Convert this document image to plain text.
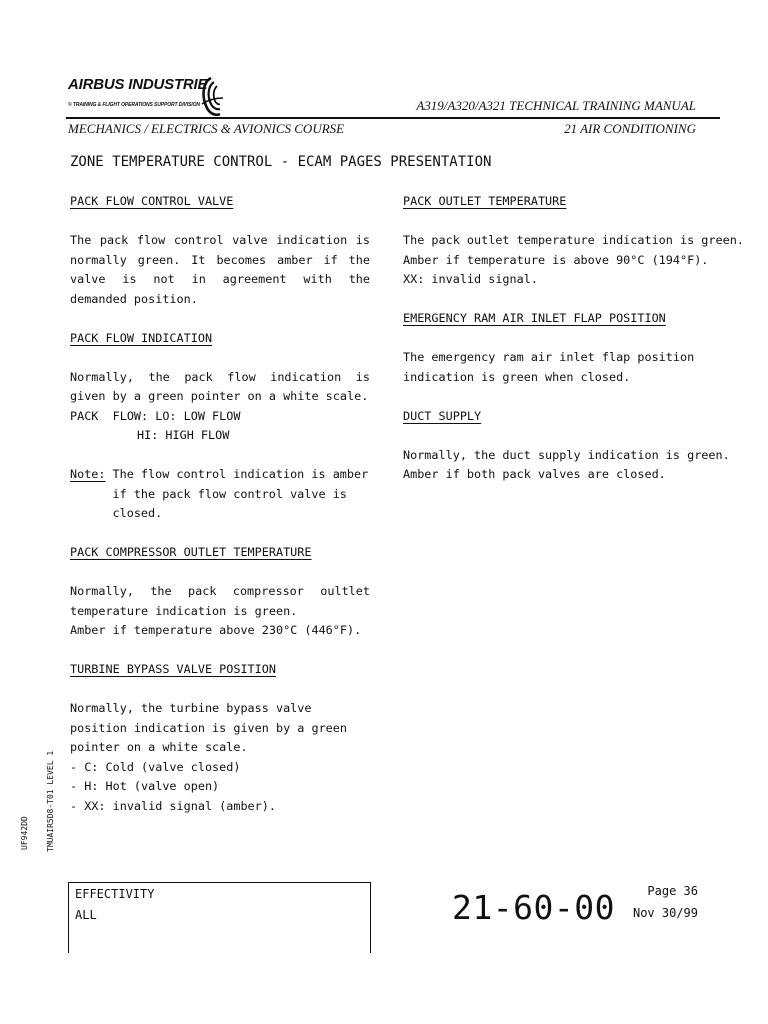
AIRBUS INDUSTRIE
© TRAINING & FLIGHT OPERATIONS SUPPORT DIVISION	A319/A320/A321 TECHNICAL TRAINING MANUAL
MECHANICS / ELECTRICS & AVIONICS COURSE	21 AIR CONDITIONING
ZONE TEMPERATURE CONTROL - ECAM PAGES PRESENTATION
PACK FLOW CONTROL VALVE

The pack flow control valve indication is normally green. It becomes amber if the valve is not in agreement with the demanded position.

PACK FLOW INDICATION

Normally, the pack flow indication is given by a green pointer on a white scale.

PACK  FLOW: LO: LOW FLOW

HI: HIGH FLOW

Note: The flow control indication is amber if the pack flow control valve is closed.
PACK COMPRESSOR OUTLET TEMPERATURE

Normally, the pack compressor oultlet temperature indication is green.

Amber if temperature above 230°C (446°F).

TURBINE BYPASS VALVE POSITION

Normally, the turbine bypass valve position indication is given by a green pointer on a white scale.

- C: Cold (valve closed)

- H: Hot (valve open)

- XX: invalid signal (amber).

PACK OUTLET TEMPERATURE

The pack outlet temperature indication is green.

Amber if temperature is above 90°C (194°F).

XX: invalid signal.

EMERGENCY RAM AIR INLET FLAP POSITION

The emergency ram air inlet flap position indication is green when closed.

DUCT SUPPLY

Normally, the duct supply indication is green.

Amber if both pack valves are closed.

UF942DD TMUAIR5D8-T01 LEVEL 1
EFFECTIVITY
ALL	21-60-00	Page 36
Nov 30/99
